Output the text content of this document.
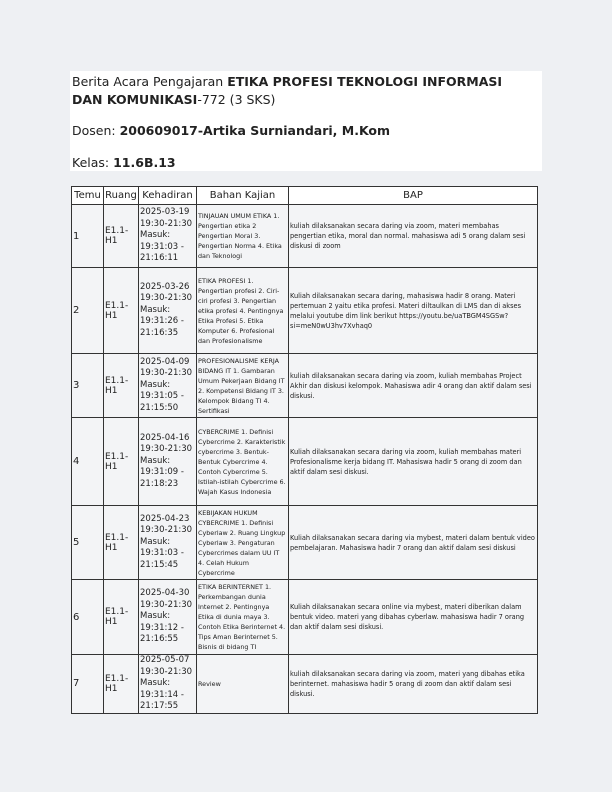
Berita Acara Pengajaran ETIKA PROFESI TEKNOLOGI INFORMASI DAN KOMUNIKASI-772 (3 SKS)
Dosen: 200609017-Artika Surniandari, M.Kom
Kelas: 11.6B.13
Temu	Ruang	Kehadiran	Bahan Kajian	BAP
1	E1.1-H1	2025-03-19 19:30-21:30 Masuk: 19:31:03 - 21:16:11	TINJAUAN UMUM ETIKA 1. Pengertian etika 2 Pengertian Moral 3. Pengertian Norma 4. Etika dan Teknologi	kuliah dilaksanakan secara daring via zoom, materi membahas pengertian etika, moral dan normal. mahasiswa adi 5 orang dalam sesi diskusi di zoom
2	E1.1-H1	2025-03-26 19:30-21:30 Masuk: 19:31:26 - 21:16:35	ETIKA PROFESI 1. Pengertian profesi 2. Ciri-ciri profesi 3. Pengertian etika profesi 4. Pentingnya Etika Profesi 5. Etika Komputer 6. Profesional dan Profesionalisme	Kuliah dilaksanakan secara daring, mahasiswa hadir 8 orang. Materi pertemuan 2 yaitu etika profesi. Materi diltaulkan di LMS dan di akses melalui youtube dim link berikut https://youtu.be/uaTBGM4SGSw?si=meN0wU3hv7Xvhaq0
3	E1.1-H1	2025-04-09 19:30-21:30 Masuk: 19:31:05 - 21:15:50	PROFESIONALISME KERJA BIDANG IT 1. Gambaran Umum Pekerjaan Bidang IT 2. Kompetensi Bidang IT 3. Kelompok Bidang TI 4. Sertifikasi	kuliah dilaksanakan secara daring via zoom, kuliah membahas Project Akhir dan diskusi kelompok. Mahasiswa adir 4 orang dan aktif dalam sesi diskusi.
4	E1.1-H1	2025-04-16 19:30-21:30 Masuk: 19:31:09 - 21:18:23	CYBERCRIME 1. Definisi Cybercrime 2. Karakteristik cybercrime 3. Bentuk-Bentuk Cybercrime 4. Contoh Cybercrime 5. Istilah-istilah Cybercrime 6. Wajah Kasus Indonesia	Kuliah dilaksanakan secara daring via zoom, kuliah membahas materi Profesionalisme kerja bidang IT. Mahasiswa hadir 5 orang di zoom dan aktif dalam sesi diskusi.
5	E1.1-H1	2025-04-23 19:30-21:30 Masuk: 19:31:03 - 21:15:45	KEBIJAKAN HUKUM CYBERCRIME 1. Definisi Cyberlaw 2. Ruang Lingkup Cyberlaw 3. Pengaturan Cybercrimes dalam UU IT 4. Celah Hukum Cybercrime	Kuliah dilaksanakan secara daring via mybest, materi dalam bentuk video pembelajaran. Mahasiswa hadir 7 orang dan aktif dalam sesi diskusi
6	E1.1-H1	2025-04-30 19:30-21:30 Masuk: 19:31:12 - 21:16:55	ETIKA BERINTERNET 1. Perkembangan dunia Internet 2. Pentingnya Etika di dunia maya 3. Contoh Etika Berinternet 4. Tips Aman Berinternet 5. Bisnis di bidang TI	Kuliah dilaksanakan secara online via mybest, materi diberikan dalam bentuk video. materi yang dibahas cyberlaw. mahasiswa hadir 7 orang dan aktif dalam sesi diskusi.
7	E1.1-H1	2025-05-07 19:30-21:30 Masuk: 19:31:14 - 21:17:55	Review	kuliah dilaksanakan secara daring via zoom, materi yang dibahas etika berinternet. mahasiswa hadir 5 orang di zoom dan aktif dalam sesi diskusi.
